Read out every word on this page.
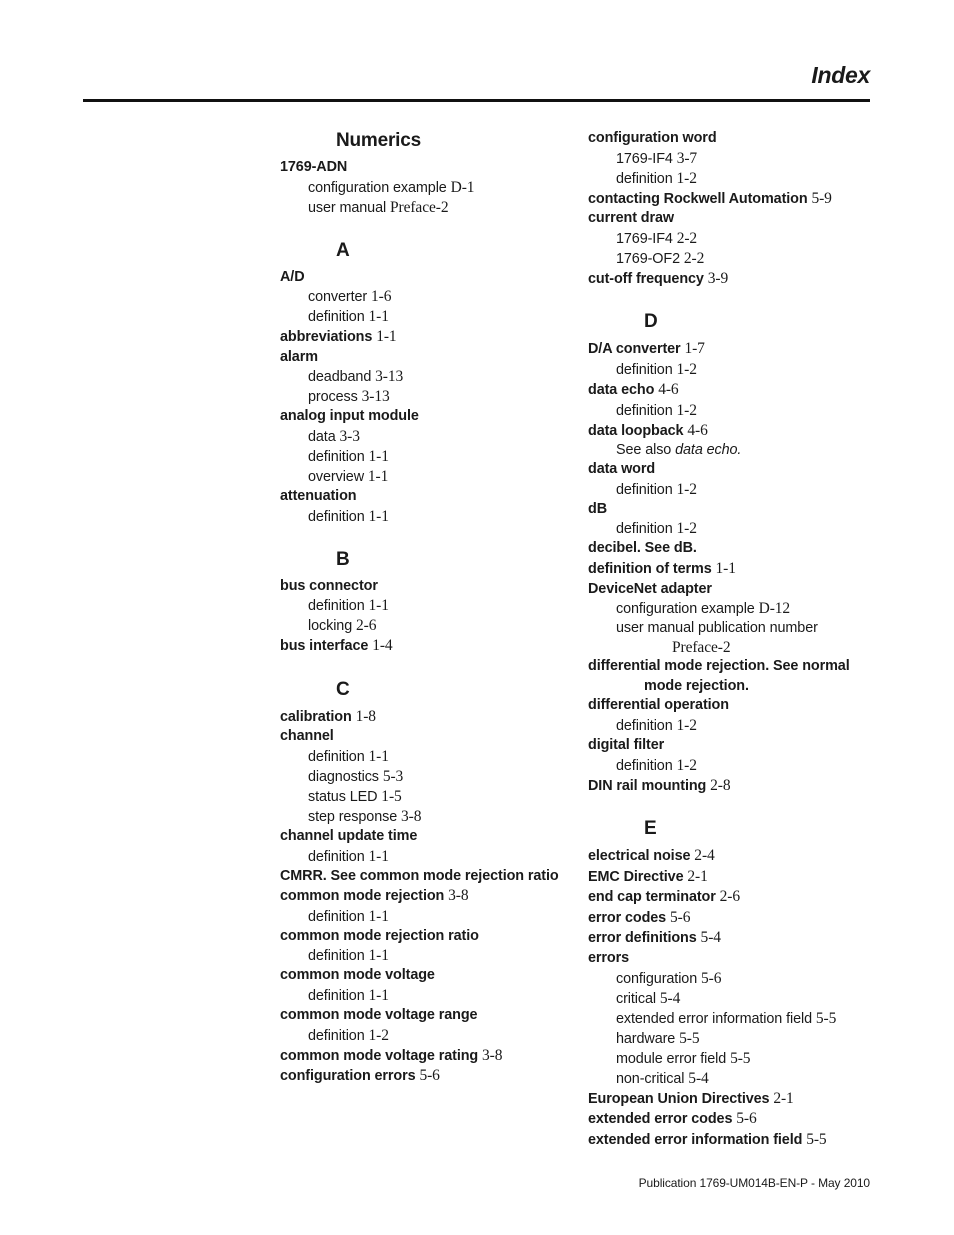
Index
Numerics
1769-ADN
configuration example D-1
user manual Preface-2
A
A/D
converter 1-6
definition 1-1
abbreviations 1-1
alarm
deadband 3-13
process 3-13
analog input module
data 3-3
definition 1-1
overview 1-1
attenuation
definition 1-1
B
bus connector
definition 1-1
locking 2-6
bus interface 1-4
C
calibration 1-8
channel
definition 1-1
diagnostics 5-3
status LED 1-5
step response 3-8
channel update time
definition 1-1
CMRR. See common mode rejection ratio
common mode rejection 3-8
definition 1-1
common mode rejection ratio
definition 1-1
common mode voltage
definition 1-1
common mode voltage range
definition 1-2
common mode voltage rating 3-8
configuration errors 5-6
configuration word
1769-IF4 3-7
definition 1-2
contacting Rockwell Automation 5-9
current draw
1769-IF4 2-2
1769-OF2 2-2
cut-off frequency 3-9
D
D/A converter 1-7
definition 1-2
data echo 4-6
definition 1-2
data loopback 4-6
See also data echo.
data word
definition 1-2
dB
definition 1-2
decibel. See dB.
definition of terms 1-1
DeviceNet adapter
configuration example D-12
user manual publication number
Preface-2
differential mode rejection. See normal
mode rejection.
differential operation
definition 1-2
digital filter
definition 1-2
DIN rail mounting 2-8
E
electrical noise 2-4
EMC Directive 2-1
end cap terminator 2-6
error codes 5-6
error definitions 5-4
errors
configuration 5-6
critical 5-4
extended error information field 5-5
hardware 5-5
module error field 5-5
non-critical 5-4
European Union Directives 2-1
extended error codes 5-6
extended error information field 5-5
Publication 1769-UM014B-EN-P - May 2010
